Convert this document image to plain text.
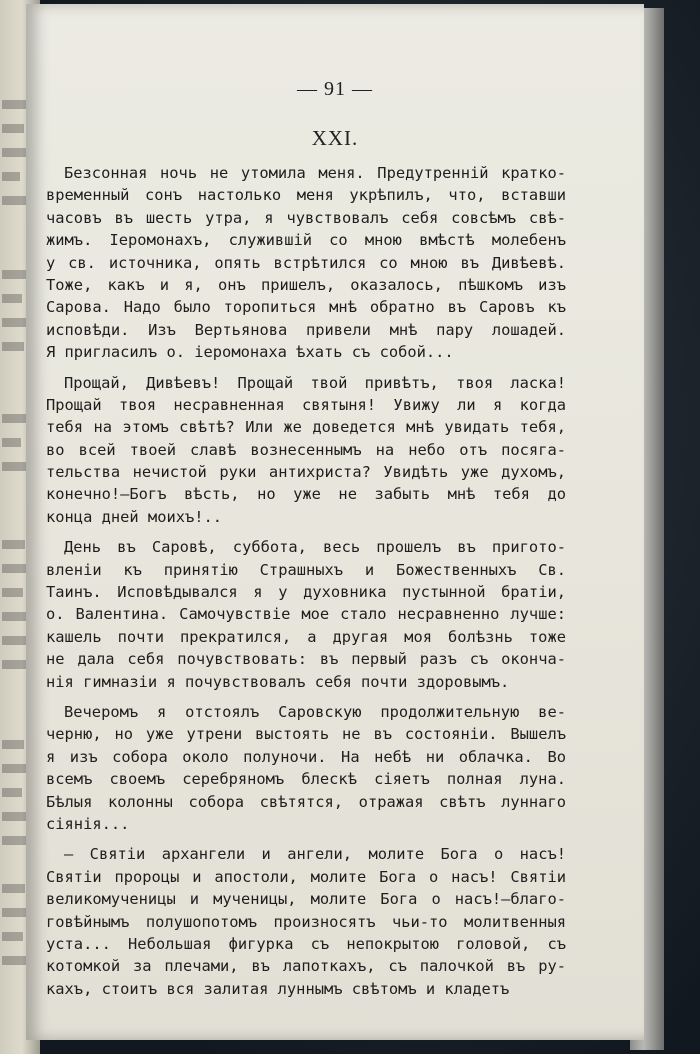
— 91 —
XXI.
Безсонная ночь не утомила меня. Предутренній кратко-
временный сонъ настолько меня укрѣпилъ, что, вставши
часовъ въ шесть утра, я чувствовалъ себя совсѣмъ свѣ-
жимъ. Іеромонахъ, служившій со мною вмѣстѣ молебенъ
у св. источника, опять встрѣтился со мною въ Дивѣевѣ.
Тоже, какъ и я, онъ пришелъ, оказалось, пѣшкомъ изъ
Сарова. Надо было торопиться мнѣ обратно въ Саровъ къ
исповѣди. Изъ Вертьянова привели мнѣ пару лошадей.
Я пригласилъ о. іеромонаха ѣхать съ собой...
Прощай, Дивѣевъ! Прощай твой привѣтъ, твоя ласка!
Прощай твоя несравненная святыня! Увижу ли я когда
тебя на этомъ свѣтѣ? Или же доведется мнѣ увидать тебя,
во всей твоей славѣ вознесеннымъ на небо отъ посяга-
тельства нечистой руки антихриста? Увидѣть уже духомъ,
конечно!—Богъ вѣсть, но уже не забыть мнѣ тебя до
конца дней моихъ!..
День въ Саровѣ, суббота, весь прошелъ въ пригото-
вленіи къ принятію Страшныхъ и Божественныхъ Св.
Таинъ. Исповѣдывался я у духовника пустынной братіи,
о. Валентина. Самочувствіе мое стало несравненно лучше:
кашель почти прекратился, а другая моя болѣзнь тоже
не дала себя почувствовать: въ первый разъ съ оконча-
нія гимназіи я почувствовалъ себя почти здоровымъ.
Вечеромъ я отстоялъ Саровскую продолжительную ве-
черню, но уже утрени выстоять не въ состояніи. Вышелъ
я изъ собора около полуночи. На небѣ ни облачка. Во
всемъ своемъ серебряномъ блескѣ сіяетъ полная луна.
Бѣлыя колонны собора свѣтятся, отражая свѣтъ луннаго
сіянія...
— Святіи архангели и ангели, молите Бога о насъ!
Святіи пророцы и апостоли, молите Бога о насъ! Святіи
великомученицы и мученицы, молите Бога о насъ!—благо-
говѣйнымъ полушопотомъ произносятъ чьи-то молитвенныя
уста... Небольшая фигурка съ непокрытою головой, съ
котомкой за плечами, въ лапоткахъ, съ палочкой въ ру-
кахъ, стоитъ вся залитая луннымъ свѣтомъ и кладетъ
